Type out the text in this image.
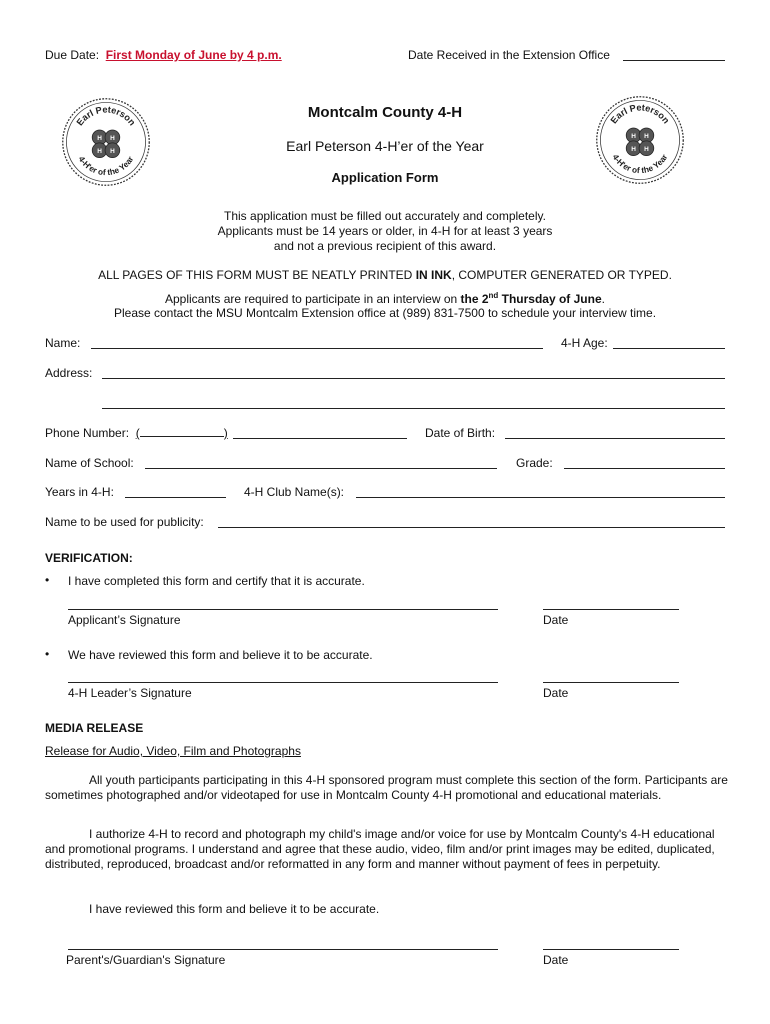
Due Date: First Monday of June by 4 p.m.	Date Received in the Extension Office
Earl Peterson
4-H'er of the Year
H H
H H
Earl Peterson
4-H'er of the Year
H H
H H
Montcalm County 4-H
Earl Peterson 4-H’er of the Year
Application Form
This application must be filled out accurately and completely.
Applicants must be 14 years or older, in 4-H for at least 3 years
and not a previous recipient of this award.
ALL PAGES OF THIS FORM MUST BE NEATLY PRINTED IN INK, COMPUTER GENERATED OR TYPED.
Applicants are required to participate in an interview on the 2nd Thursday of June.
Please contact the MSU Montcalm Extension office at (989) 831-7500 to schedule your interview time.
Name:	4-H Age:
Address:
Phone Number: (	)	Date of Birth:
Name of School:	Grade:
Years in 4-H:	4-H Club Name(s):
Name to be used for publicity:
VERIFICATION:
• I have completed this form and certify that it is accurate.
Applicant’s Signature	Date
• We have reviewed this form and believe it to be accurate.
4-H Leader’s Signature	Date
MEDIA RELEASE
Release for Audio, Video, Film and Photographs
All youth participants participating in this 4-H sponsored program must complete this section of the form. Participants are sometimes photographed and/or videotaped for use in Montcalm County 4-H promotional and educational materials.
I authorize 4-H to record and photograph my child's image and/or voice for use by Montcalm County's 4-H educational and promotional programs. I understand and agree that these audio, video, film and/or print images may be edited, duplicated, distributed, reproduced, broadcast and/or reformatted in any form and manner without payment of fees in perpetuity.
I have reviewed this form and believe it to be accurate.
Parent's/Guardian's Signature	Date
